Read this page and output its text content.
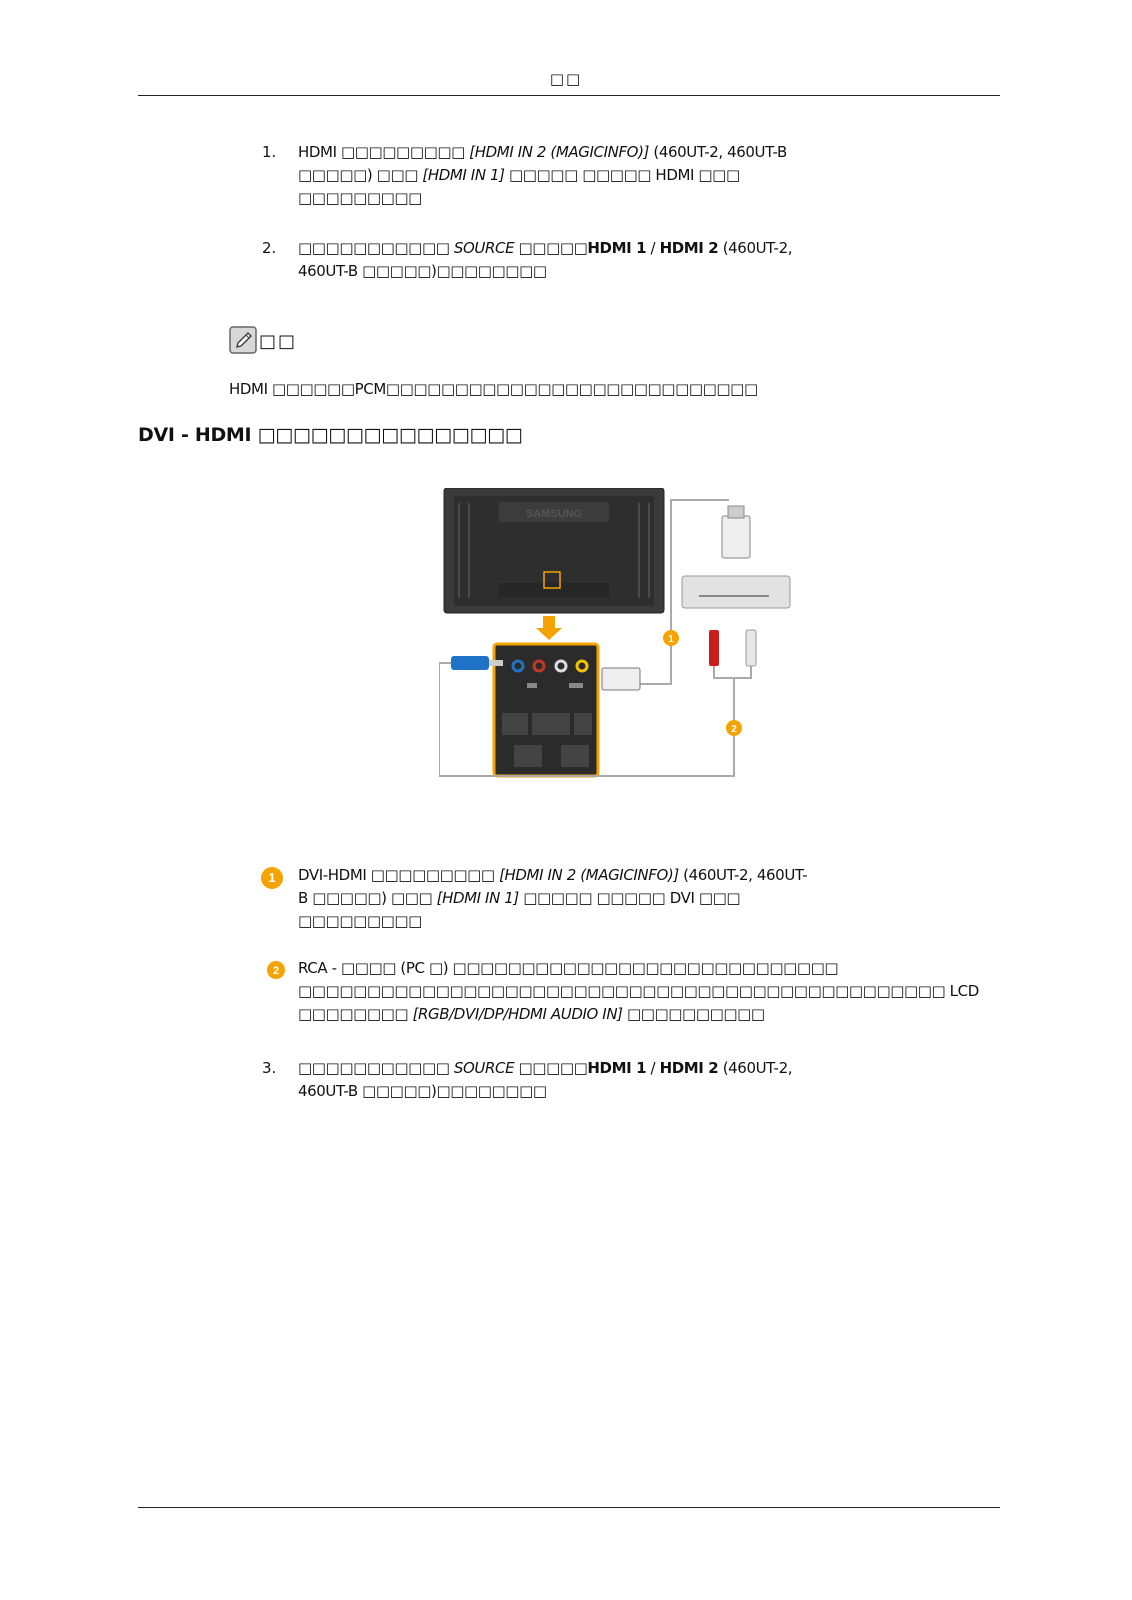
□□
1. HDMI □□□□□□□□□ [HDMI IN 2 (MAGICINFO)] (460UT-2, 460UT-B
□□□□□) □□□ [HDMI IN 1] □□□□□ □□□□□ HDMI □□□
□□□□□□□□□
2. □□□□□□□□□□□ SOURCE □□□□□HDMI 1 / HDMI 2 (460UT-2,
460UT-B □□□□□)□□□□□□□□
□□
HDMI □□□□□□PCM□□□□□□□□□□□□□□□□□□□□□□□□□□□
DVI - HDMI □□□□□□□□□□□□□□□
SAMSUNG
1
2
1 DVI-HDMI □□□□□□□□□ [HDMI IN 2 (MAGICINFO)] (460UT-2, 460UT-
B □□□□□) □□□ [HDMI IN 1] □□□□□ □□□□□ DVI □□□
□□□□□□□□□
2 RCA - □□□□ (PC □) □□□□□□□□□□□□□□□□□□□□□□□□□□□□
□□□□□□□□□□□□□□□□□□□□□□□□□□□□□□□□□□□□□□□□□□□□□□□ LCD
□□□□□□□□ [RGB/DVI/DP/HDMI AUDIO IN] □□□□□□□□□□
3. □□□□□□□□□□□ SOURCE □□□□□HDMI 1 / HDMI 2 (460UT-2,
460UT-B □□□□□)□□□□□□□□
